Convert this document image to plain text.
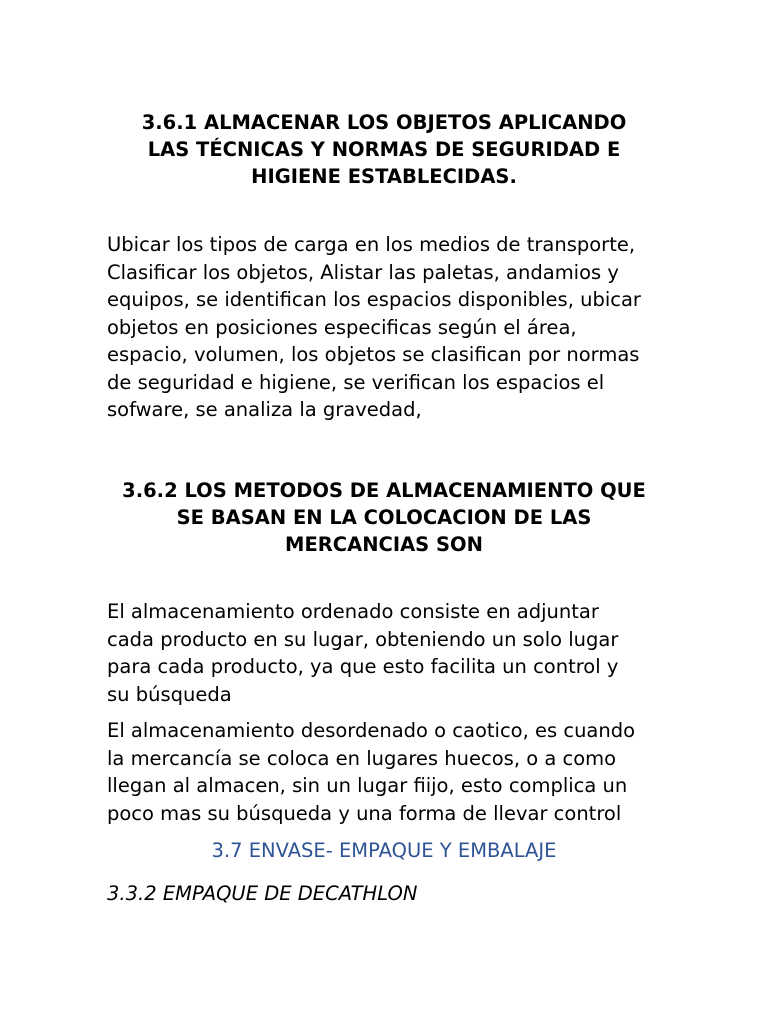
3.6.1 ALMACENAR LOS OBJETOS APLICANDO
LAS TÉCNICAS Y NORMAS DE SEGURIDAD E
HIGIENE ESTABLECIDAS.

Ubicar los tipos de carga en los medios de transporte,
Clasificar los objetos, Alistar las paletas, andamios y
equipos, se identifican los espacios disponibles, ubicar
objetos en posiciones especificas según el área,
espacio, volumen, los objetos se clasifican por normas
de seguridad e higiene, se verifican los espacios el
sofware, se analiza la gravedad,

3.6.2 LOS METODOS DE ALMACENAMIENTO QUE
SE BASAN EN LA COLOCACION DE LAS
MERCANCIAS SON

El almacenamiento ordenado consiste en adjuntar
cada producto en su lugar, obteniendo un solo lugar
para cada producto, ya que esto facilita un control y
su búsqueda

El almacenamiento desordenado o caotico, es cuando
la mercancía se coloca en lugares huecos, o a como
llegan al almacen, sin un lugar fiijo, esto complica un
poco mas su búsqueda y una forma de llevar control

3.7 ENVASE- EMPAQUE Y EMBALAJE
3.3.2 EMPAQUE DE DECATHLON
